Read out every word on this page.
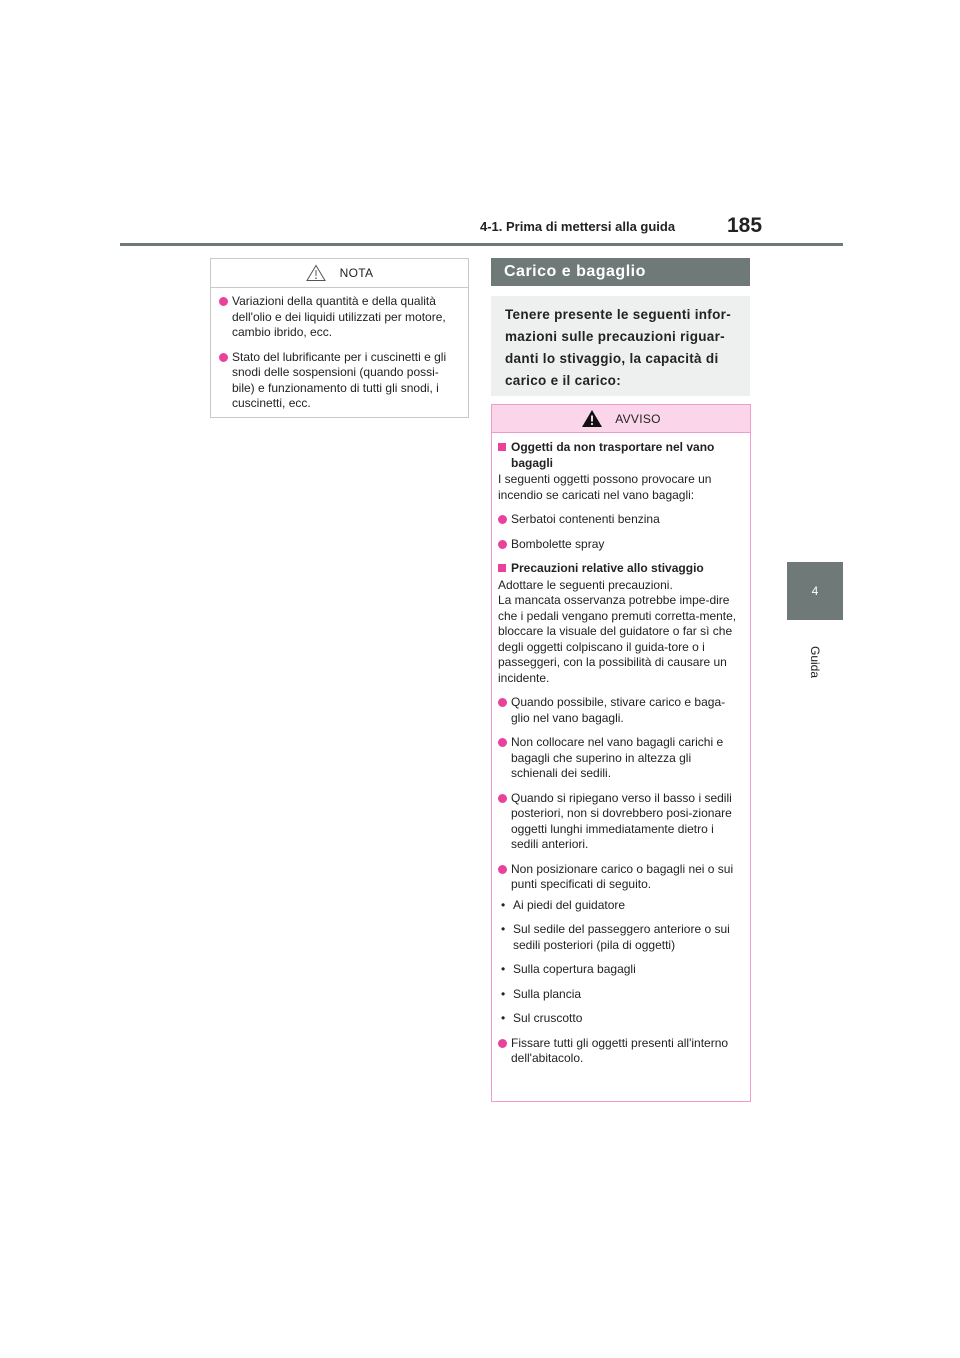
4-1. Prima di mettersi alla guida 185
4
Guida
NOTA
Variazioni della quantità e della qualità dell'olio e dei liquidi utilizzati per motore, cambio ibrido, ecc.
Stato del lubrificante per i cuscinetti e gli snodi delle sospensioni (quando possi-bile) e funzionamento di tutti gli snodi, i cuscinetti, ecc.
Carico e bagaglio
Tenere presente le seguenti infor-mazioni sulle precauzioni riguar-danti lo stivaggio, la capacità di carico e il carico:
AVVISO
Oggetti da non trasportare nel vano bagagli
I seguenti oggetti possono provocare un incendio se caricati nel vano bagagli:
Serbatoi contenenti benzina
Bombolette spray
Precauzioni relative allo stivaggio
Adottare le seguenti precauzioni.
La mancata osservanza potrebbe impe-dire che i pedali vengano premuti corretta-mente, bloccare la visuale del guidatore o far sì che degli oggetti colpiscano il guida-tore o i passeggeri, con la possibilità di causare un incidente.
Quando possibile, stivare carico e baga-glio nel vano bagagli.
Non collocare nel vano bagagli carichi e bagagli che superino in altezza gli schienali dei sedili.
Quando si ripiegano verso il basso i sedili posteriori, non si dovrebbero posi-zionare oggetti lunghi immediatamente dietro i sedili anteriori.
Non posizionare carico o bagagli nei o sui punti specificati di seguito.
• Ai piedi del guidatore
• Sul sedile del passeggero anteriore o sui sedili posteriori (pila di oggetti)
• Sulla copertura bagagli
• Sulla plancia
• Sul cruscotto
Fissare tutti gli oggetti presenti all'interno dell'abitacolo.
